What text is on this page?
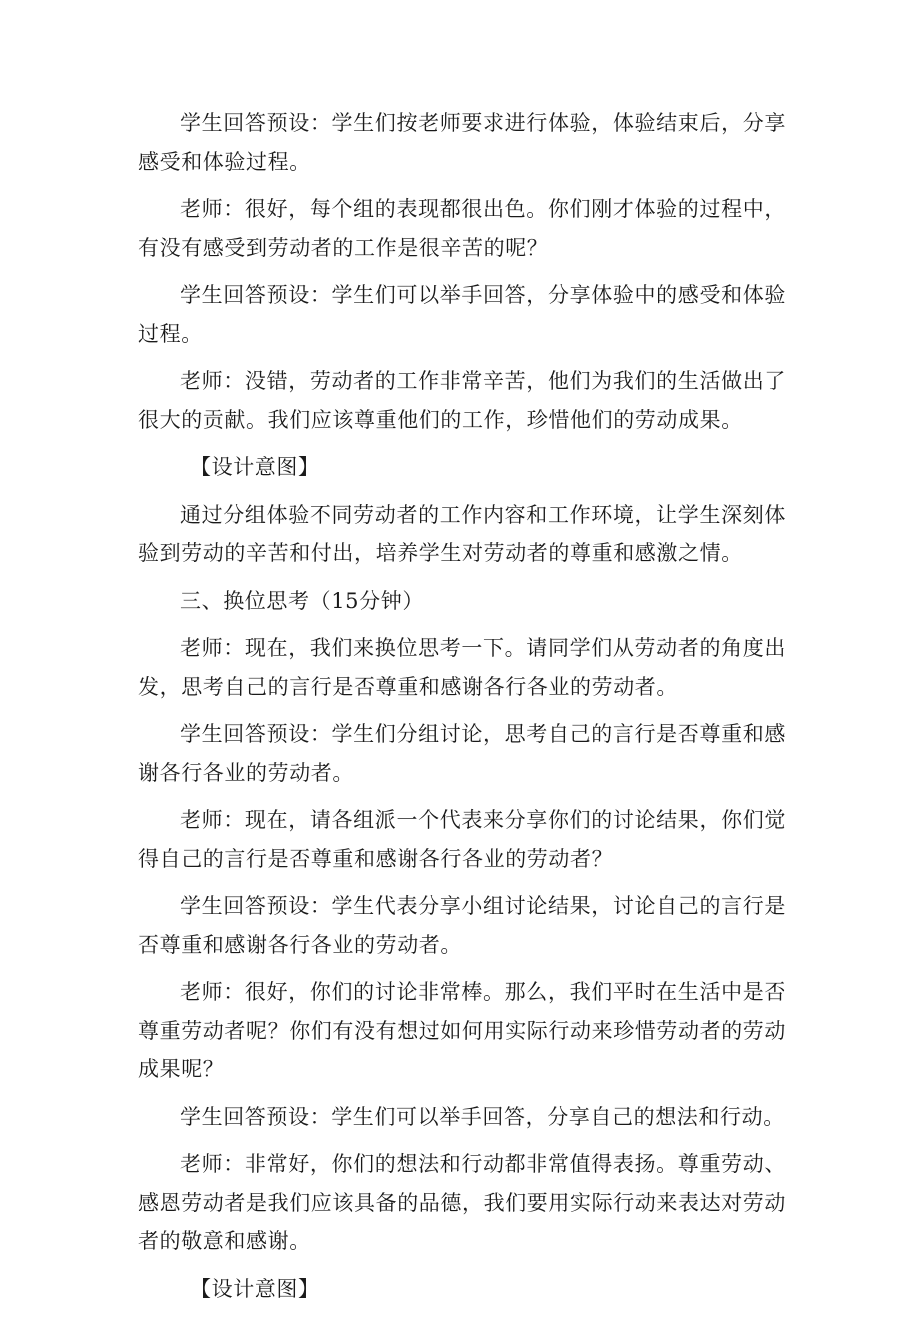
学生回答预设：学生们按老师要求进行体验，体验结束后，分享感受和体验过程。

老师：很好，每个组的表现都很出色。你们刚才体验的过程中，有没有感受到劳动者的工作是很辛苦的呢？

学生回答预设：学生们可以举手回答，分享体验中的感受和体验过程。

老师：没错，劳动者的工作非常辛苦，他们为我们的生活做出了很大的贡献。我们应该尊重他们的工作，珍惜他们的劳动成果。

【设计意图】

通过分组体验不同劳动者的工作内容和工作环境，让学生深刻体验到劳动的辛苦和付出，培养学生对劳动者的尊重和感激之情。

三、换位思考（15分钟）

老师：现在，我们来换位思考一下。请同学们从劳动者的角度出发，思考自己的言行是否尊重和感谢各行各业的劳动者。

学生回答预设：学生们分组讨论，思考自己的言行是否尊重和感谢各行各业的劳动者。

老师：现在，请各组派一个代表来分享你们的讨论结果，你们觉得自己的言行是否尊重和感谢各行各业的劳动者？

学生回答预设：学生代表分享小组讨论结果，讨论自己的言行是否尊重和感谢各行各业的劳动者。

老师：很好，你们的讨论非常棒。那么，我们平时在生活中是否尊重劳动者呢？你们有没有想过如何用实际行动来珍惜劳动者的劳动成果呢？

学生回答预设：学生们可以举手回答，分享自己的想法和行动。

老师：非常好，你们的想法和行动都非常值得表扬。尊重劳动、感恩劳动者是我们应该具备的品德，我们要用实际行动来表达对劳动者的敬意和感谢。

【设计意图】
